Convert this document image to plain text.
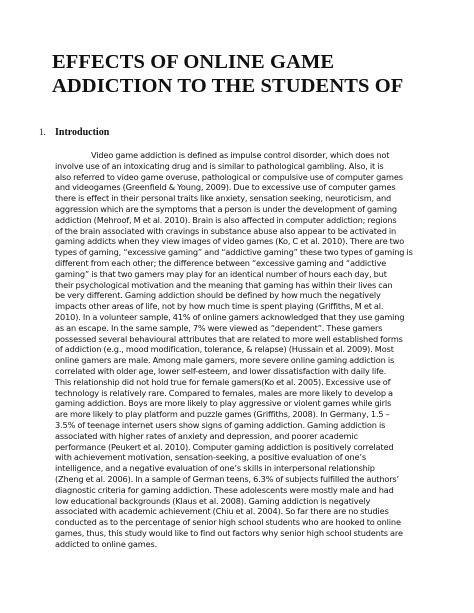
EFFECTS OF ONLINE GAME
ADDICTION TO THE STUDENTS OF
1. Introduction
Video game addiction is defined as impulse control disorder, which does not
involve use of an intoxicating drug and is similar to pathological gambling. Also, it is
also referred to video game overuse, pathological or compulsive use of computer games
and videogames (Greenfield & Young, 2009). Due to excessive use of computer games
there is effect in their personal traits like anxiety, sensation seeking, neuroticism, and
aggression which are the symptoms that a person is under the development of gaming
addiction (Mehroof, M et al. 2010). Brain is also affected in computer addiction; regions
of the brain associated with cravings in substance abuse also appear to be activated in
gaming addicts when they view images of video games (Ko, C et al. 2010). There are two
types of gaming, “excessive gaming” and “addictive gaming” these two types of gaming is
different from each other; the difference between “excessive gaming and “addictive
gaming” is that two gamers may play for an identical number of hours each day, but
their psychological motivation and the meaning that gaming has within their lives can
be very different. Gaming addiction should be defined by how much the negatively
impacts other areas of life, not by how much time is spent playing (Griffiths, M et al.
2010). In a volunteer sample, 41% of online gamers acknowledged that they use gaming
as an escape. In the same sample, 7% were viewed as “dependent”. These gamers
possessed several behavioural attributes that are related to more well established forms
of addiction (e.g., mood modification, tolerance, & relapse) (Hussain et al. 2009). Most
online gamers are male. Among male gamers, more severe online gaming addiction is
correlated with older age, lower self-esteem, and lower dissatisfaction with daily life.
This relationship did not hold true for female gamers(Ko et al. 2005). Excessive use of
technology is relatively rare. Compared to females, males are more likely to develop a
gaming addiction. Boys are more likely to play aggressive or violent games while girls
are more likely to play platform and puzzle games (Griffiths, 2008). In Germany, 1.5 –
3.5% of teenage internet users show signs of gaming addiction. Gaming addiction is
associated with higher rates of anxiety and depression, and poorer academic
performance (Peukert et al. 2010). Computer gaming addiction is positively correlated
with achievement motivation, sensation-seeking, a positive evaluation of one’s
intelligence, and a negative evaluation of one’s skills in interpersonal relationship
(Zheng et al. 2006). In a sample of German teens, 6.3% of subjects fulfilled the authors’
diagnostic criteria for gaming addiction. These adolescents were mostly male and had
low educational backgrounds (Klaus et al. 2008). Gaming addiction is negatively
associated with academic achievement (Chiu et al. 2004). So far there are no studies
conducted as to the percentage of senior high school students who are hooked to online
games, thus, this study would like to find out factors why senior high school students are
addicted to online games.
